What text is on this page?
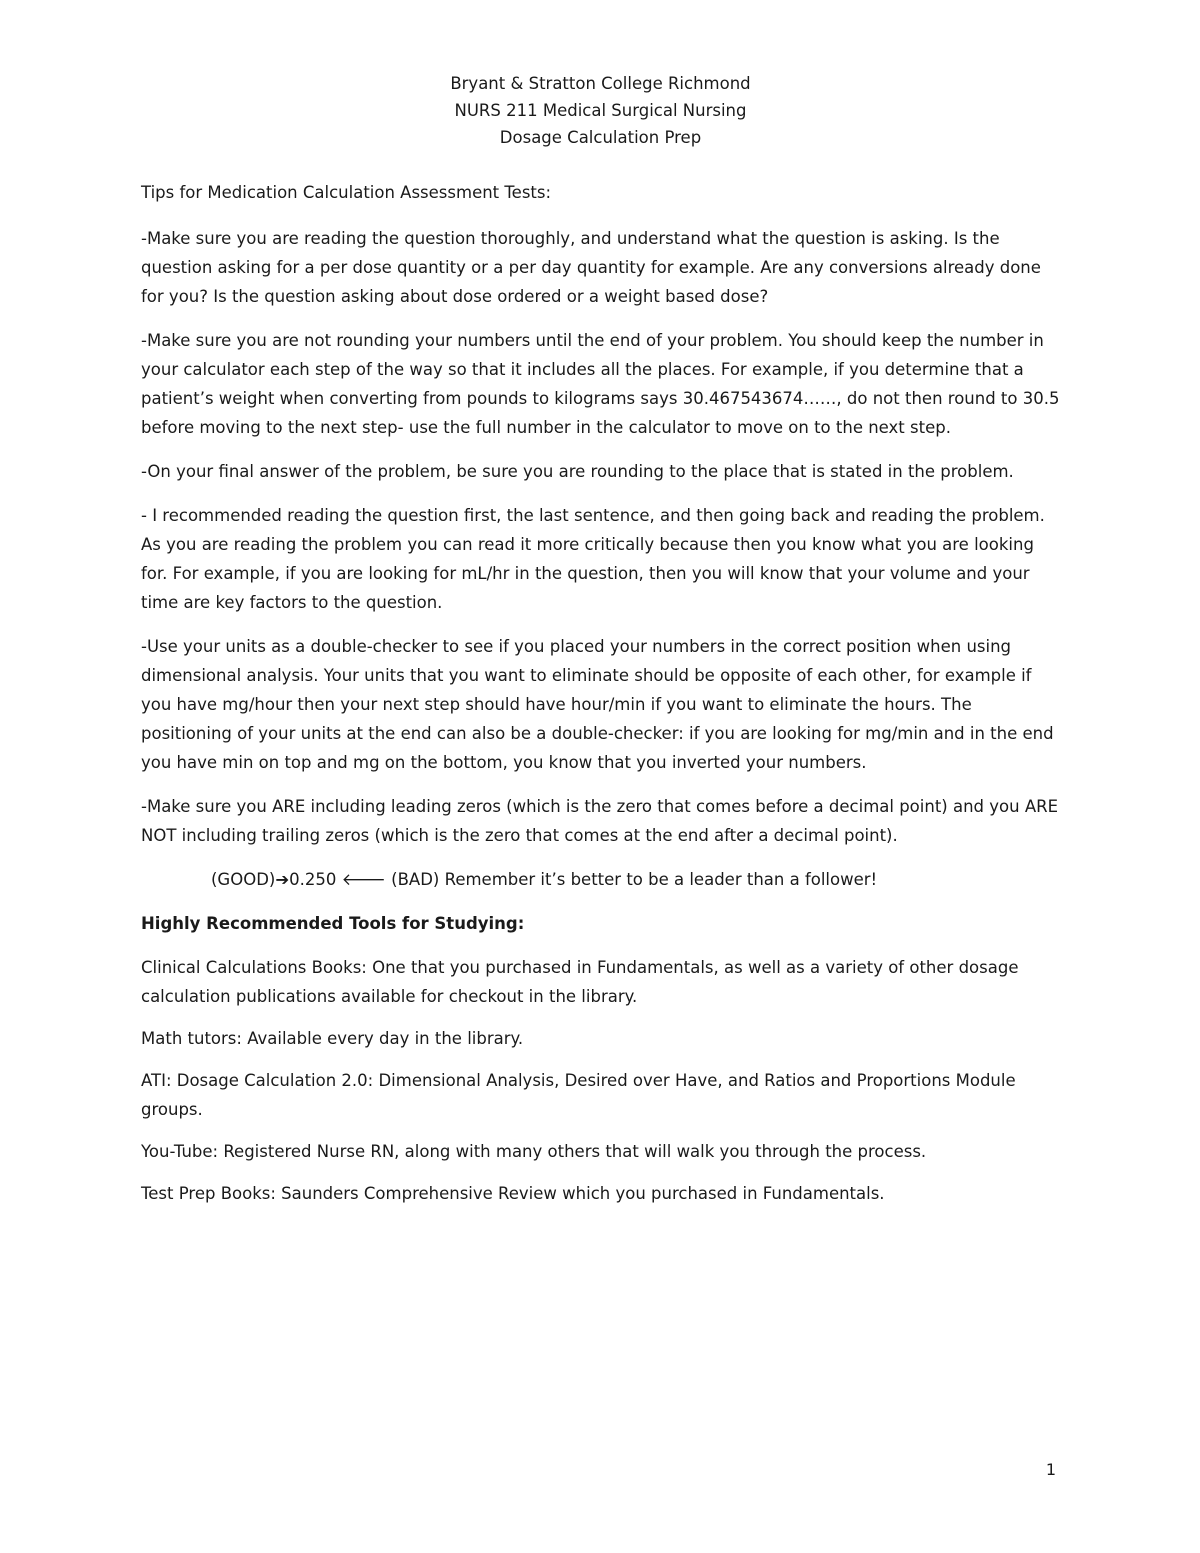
Bryant & Stratton College Richmond
NURS 211 Medical Surgical Nursing
Dosage Calculation Prep
Tips for Medication Calculation Assessment Tests:
-Make sure you are reading the question thoroughly, and understand what the question is asking. Is the question asking for a per dose quantity or a per day quantity for example. Are any conversions already done for you? Is the question asking about dose ordered or a weight based dose?
-Make sure you are not rounding your numbers until the end of your problem. You should keep the number in your calculator each step of the way so that it includes all the places. For example, if you determine that a patient’s weight when converting from pounds to kilograms says 30.467543674……, do not then round to 30.5 before moving to the next step- use the full number in the calculator to move on to the next step.
-On your final answer of the problem, be sure you are rounding to the place that is stated in the problem.
- I recommended reading the question first, the last sentence, and then going back and reading the problem. As you are reading the problem you can read it more critically because then you know what you are looking for. For example, if you are looking for mL/hr in the question, then you will know that your volume and your time are key factors to the question.
-Use your units as a double-checker to see if you placed your numbers in the correct position when using dimensional analysis. Your units that you want to eliminate should be opposite of each other, for example if you have mg/hour then your next step should have hour/min if you want to eliminate the hours. The positioning of your units at the end can also be a double-checker: if you are looking for mg/min and in the end you have min on top and mg on the bottom, you know that you inverted your numbers.
-Make sure you ARE including leading zeros (which is the zero that comes before a decimal point) and you ARE NOT including trailing zeros (which is the zero that comes at the end after a decimal point).
(GOOD)➔0.250 🡐 (BAD) Remember it’s better to be a leader than a follower!
Highly Recommended Tools for Studying:
Clinical Calculations Books: One that you purchased in Fundamentals, as well as a variety of other dosage calculation publications available for checkout in the library.
Math tutors: Available every day in the library.
ATI: Dosage Calculation 2.0: Dimensional Analysis, Desired over Have, and Ratios and Proportions Module groups.
You-Tube: Registered Nurse RN, along with many others that will walk you through the process.
Test Prep Books: Saunders Comprehensive Review which you purchased in Fundamentals.
1
